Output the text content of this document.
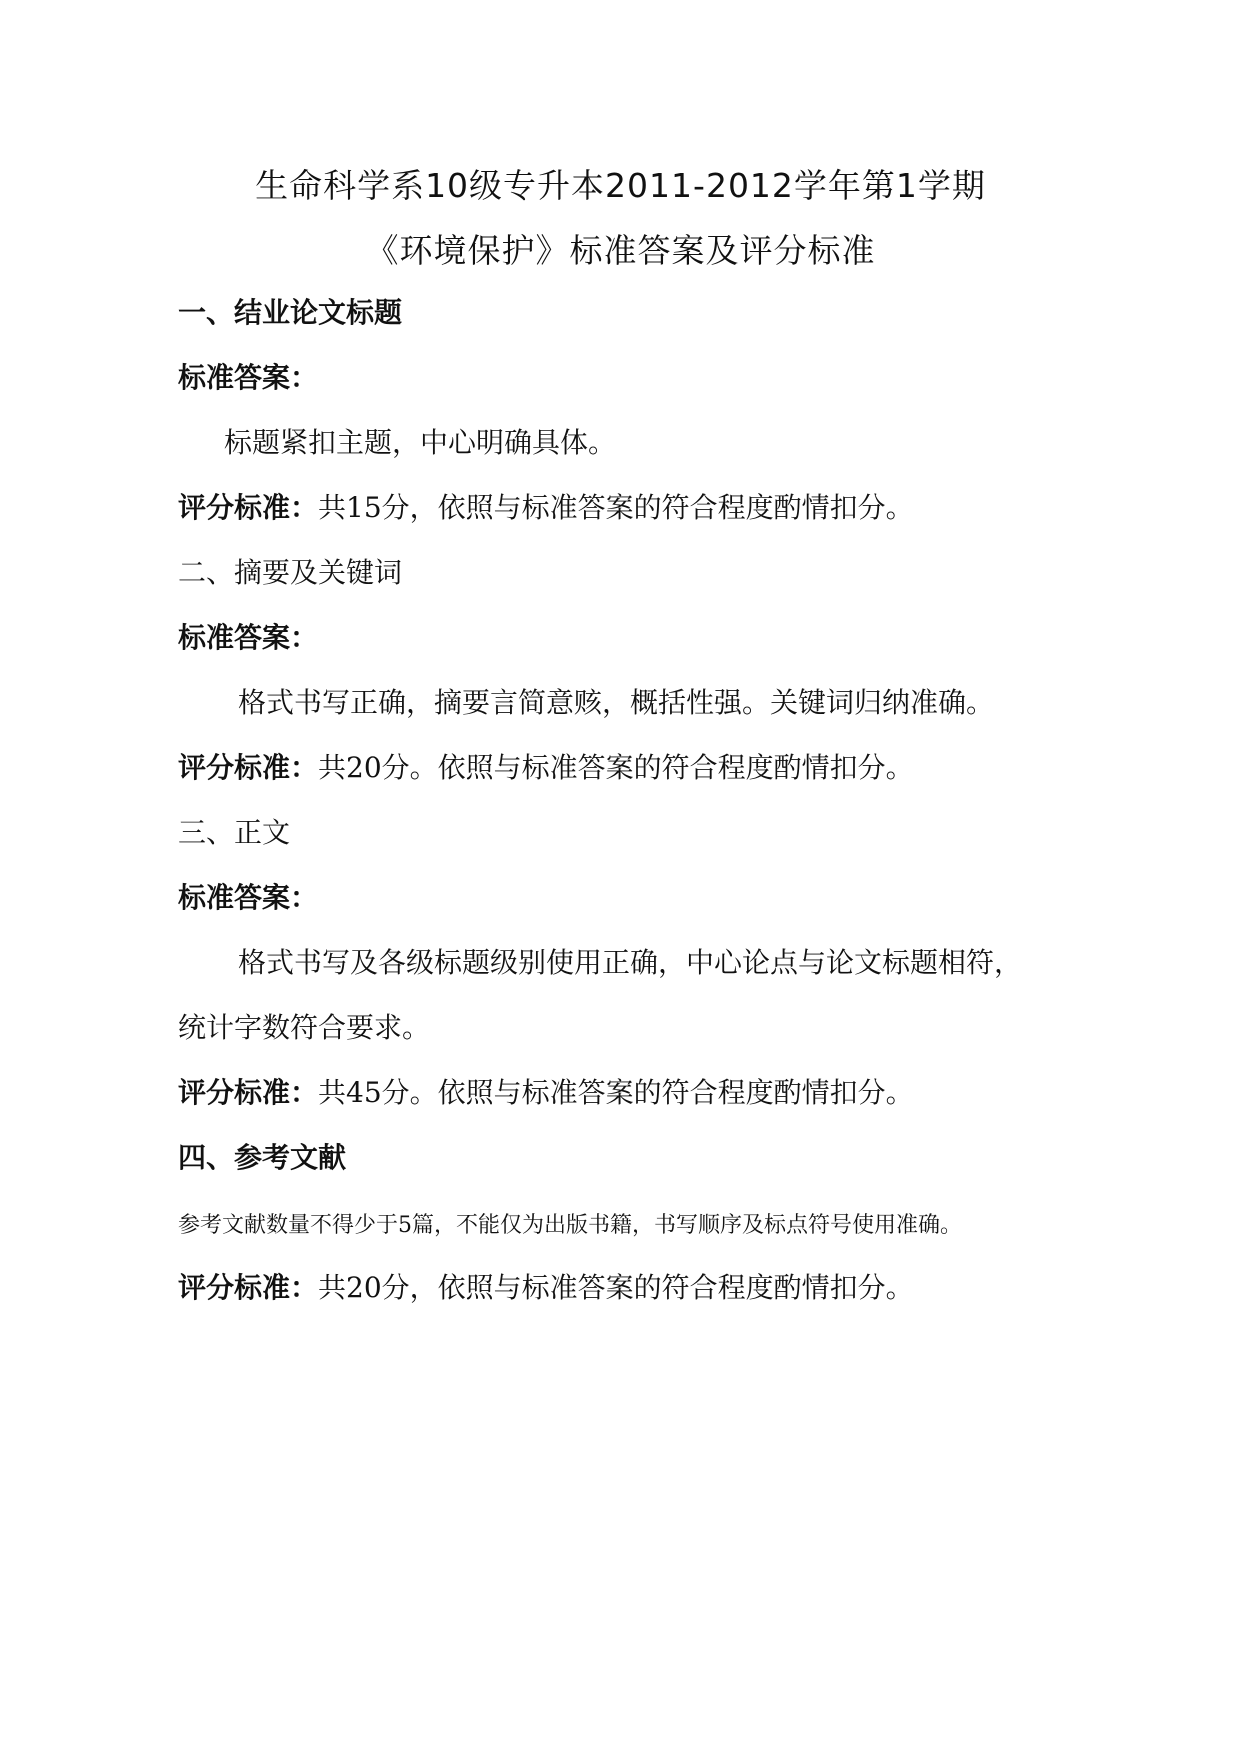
生命科学系10级专升本2011-2012学年第1学期
《环境保护》标准答案及评分标准
一、结业论文标题
标准答案：
标题紧扣主题，中心明确具体。
评分标准：共15分，依照与标准答案的符合程度酌情扣分。
二、摘要及关键词
标准答案：
格式书写正确，摘要言简意赅，概括性强。关键词归纳准确。
评分标准：共20分。依照与标准答案的符合程度酌情扣分。
三、正文
标准答案：
格式书写及各级标题级别使用正确，中心论点与论文标题相符，
统计字数符合要求。
评分标准：共45分。依照与标准答案的符合程度酌情扣分。
四、参考文献
参考文献数量不得少于5篇，不能仅为出版书籍，书写顺序及标点符号使用准确。
评分标准：共20分，依照与标准答案的符合程度酌情扣分。
